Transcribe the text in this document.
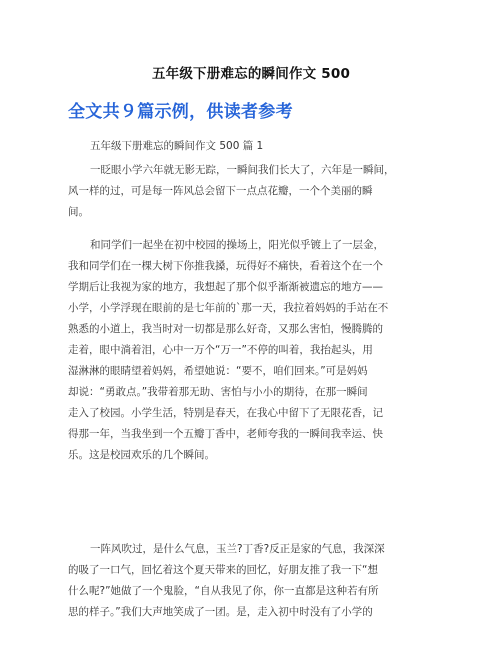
五年级下册难忘的瞬间作文 500
全文共９篇示例，供读者参考
五年级下册难忘的瞬间作文 500 篇 1
一眨眼小学六年就无影无踪，一瞬间我们长大了，六年是一瞬间，
风一样的过，可是每一阵风总会留下一点点花瓣，一个个美丽的瞬
间。
和同学们一起坐在初中校园的操场上，阳光似乎镀上了一层金，
我和同学们在一棵大树下你推我搡，玩得好不痛快，看着这个在一个
学期后让我视为家的地方，我想起了那个似乎渐渐被遗忘的地方——
小学，小学浮现在眼前的是七年前的`那一天，我拉着妈妈的手站在不
熟悉的小道上，我当时对一切都是那么好奇，又那么害怕，慢腾腾的
走着，眼中淌着泪，心中一万个“万一”不停的叫着，我抬起头，用
湿淋淋的眼睛望着妈妈，希望她说：“要不，咱们回来。”可是妈妈
却说：“勇敢点。”我带着那无助、害怕与小小的期待，在那一瞬间
走入了校园。小学生活，特别是春天，在我心中留下了无限花香，记
得那一年，当我坐到一个五瓣丁香中，老师夸我的一瞬间我幸运、快
乐。这是校园欢乐的几个瞬间。
一阵风吹过，是什么气息，玉兰?丁香?反正是家的气息，我深深
的吸了一口气，回忆着这个夏天带来的回忆，好朋友推了我一下“想
什么呢?”她做了一个鬼脸，“自从我见了你，你一直都是这种若有所
思的样子。”我们大声地笑成了一团。是，走入初中时没有了小学的
